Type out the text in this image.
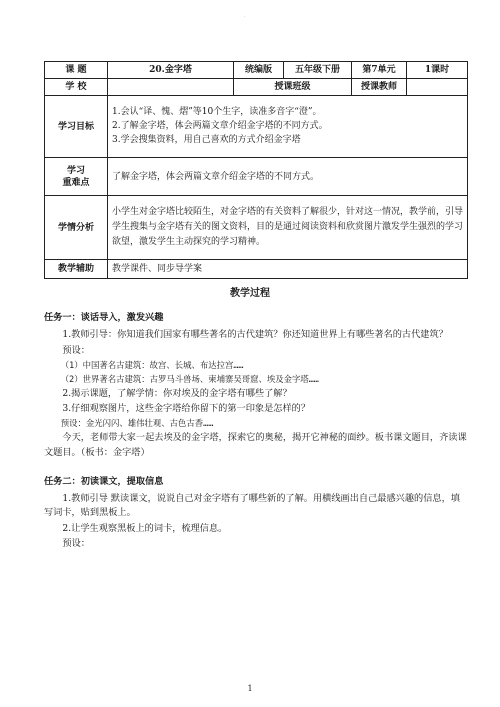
·
课 题	20.金字塔	统编版	五年级下册	第7单元	1课时
学 校		授课班级		授课教师	
学习目标	1.会认“译、愧、熠”等10个生字，读准多音字“澄”。
2.了解金字塔，体会两篇文章介绍金字塔的不同方式。
3.学会搜集资料，用自己喜欢的方式介绍金字塔				

学习
重难点	了解金字塔，体会两篇文章介绍金字塔的不同方式。				
学情分析	小学生对金字塔比较陌生，对金字塔的有关资料了解很少，针对这一情况，教学前，引导学生搜集与金字塔有关的图文资料，目的是通过阅读资料和欣赏图片激发学生强烈的学习欲望，激发学生主动探究的学习精神。				
教学辅助	教学课件、同步导学案				
教学过程
任务一：谈话导入，激发兴趣
1.教师引导：你知道我们国家有哪些著名的古代建筑？你还知道世界上有哪些著名的古代建筑？
预设：
（1）中国著名古建筑：故宫、长城、布达拉宫……
（2）世界著名古建筑：古罗马斗兽场、柬埔寨吴哥窟、埃及金字塔……
2.揭示课题，了解学情：你对埃及的金字塔有哪些了解？
3.仔细观察图片，这些金字塔给你留下的第一印象是怎样的？
预设：金光闪闪、雄伟壮观、古色古香……
今天，老师带大家一起去埃及的金字塔，探索它的奥秘，揭开它神秘的面纱。板书课文题目，齐读课文题目。（板书：金字塔）
任务二：初读课文，提取信息
1.教师引导 默读课文，说说自己对金字塔有了哪些新的了解。用横线画出自己最感兴趣的信息，填写词卡，贴到黑板上。
2.让学生观察黑板上的词卡，梳理信息。
预设：
1
